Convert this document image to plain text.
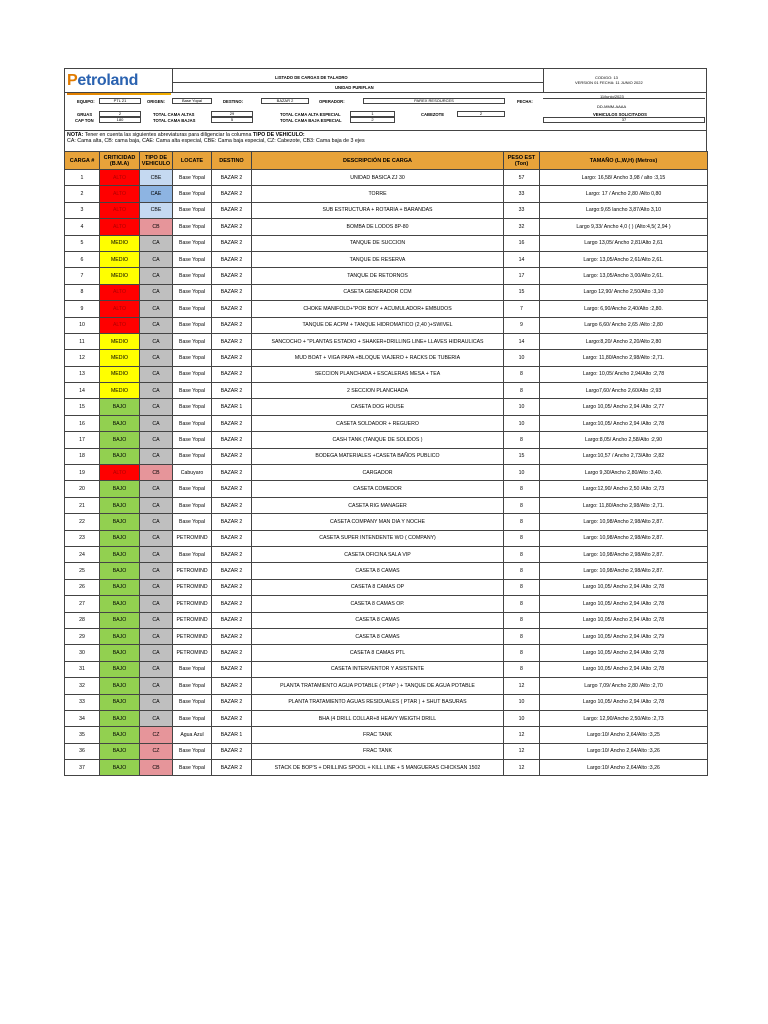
Petroland	LISTADO DE CARGAS DE TALADRO
UNIDAD PURIFLAN
CODIGO: 13
VERSION 01 FECHA: 11 JUNIO 2022
EQUIPO:	PTL 21	ORIGEN:	Base Yopal	DESTINO:	BAZAR 2	OPERADOR:	PAREX RESOURCES	FECHA:
11/junio/2023
DD-MMM-AAAA
GRUAS	2
CAP TON	180
TOTAL CAMA ALTAS	29
TOTAL CAMA BAJAS	5
TOTAL CAMA ALTA ESPECIAL	1
TOTAL CAMA BAJA ESPECIAL	2
CABEZOTE	2	VEHICULOS SOLICITADOS
37
NOTA: Tener en cuenta las siguientes abreviaturas para diligenciar la columna TIPO DE VEHICULO:
CA: Cama alta, CB: cama baja, CAE: Cama alta especial, CBE: Cama baja especial, CZ: Cabezote, CB3: Cama baja de 3 ejes
CARGA #	CRITICIDAD (B.M.A)	TIPO DE VEHICULO	LOCATE	DESTINO	DESCRIPCIÓN DE CARGA	PESO EST (Ton)	TAMAÑO (L,W,H) (Metros)
1	ALTO	CBE	Base Yopal	BAZAR 2	UNIDAD BASICA ZJ 30	57	Largo: 16,58/ Ancho 3,98 / alto :3,15
2	ALTO	CAE	Base Yopal	BAZAR 2	TORRE	33	Largo: 17 / Ancho 2,80 /Alto 0,80
3	ALTO	CBE	Base Yopal	BAZAR 2	SUB ESTRUCTURA + ROTARIA + BARANDAS	33	Largo:9,65 lancho 3,87/Alto 3,10
4	ALTO	CB	Base Yopal	BAZAR 2	BOMBA DE LODOS 8P-80	32	Largo 9,33/ Ancho 4,0 ( ) (Alto:4,5( 2,94 )
5	MEDIO	CA	Base Yopal	BAZAR 2	TANQUE DE SUCCION	16	Largo 13,05/ Ancho 2,81/Alto 2,61
6	MEDIO	CA	Base Yopal	BAZAR 2	TANQUE DE RESERVA	14	Largo: 13,05/Ancho 2,61/Alto 2,61.
7	MEDIO	CA	Base Yopal	BAZAR 2	TANQUE DE RETORNOS	17	Largo: 13,05/Ancho 3,00/Alto 2,61.
8	ALTO	CA	Base Yopal	BAZAR 2	CASETA GENERADOR CCM	15	Largo 12,90/ Ancho 2,50/Alto :3,10
9	ALTO	CA	Base Yopal	BAZAR 2	CHOKE MANIFOLD+"POR BOY + ACUMULADOR+ EMBUDOS	7	Largo: 6,90/Ancho 2,40/Alto :2,80.
10	ALTO	CA	Base Yopal	BAZAR 2	TANQUE DE ACPM + TANQUE HIDROMATICO (2,40 )+SWIVEL	9	Largo 6,60/ Ancho 2,65 /Alto :2,80
11	MEDIO	CA	Base Yopal	BAZAR 2	SANCOCHO + "PLANTAS ESTADIO + SHAKER+DRILLING LINE+ LLAVES HIDRAULICAS	14	Largo:8,20/ Ancho 2,20/Alto 2,80
12	MEDIO	CA	Base Yopal	BAZAR 2	MUD BOAT + VIGA PAPA +BLOQUE VIAJERO + RACKS DE TUBERIA	10	Largo: 11,80/Ancho 2,98/Alto :2,71.
13	MEDIO	CA	Base Yopal	BAZAR 2	SECCION PLANCHADA + ESCALERAS MESA + TEA	8	Largo: 10,05/ Ancho 2,94/Alto :2,78
14	MEDIO	CA	Base Yopal	BAZAR 2	2 SECCION PLANCHADA	8	Largo7,60/ Ancho 2,60/Alto :2,93
15	BAJO	CA	Base Yopal	BAZAR 1	CASETA DOG HOUSE	10	Largo 10,05/ Ancho 2,94 /Alto :2,77
16	BAJO	CA	Base Yopal	BAZAR 2	CASETA SOLDADOR + REGUERO	10	Largo:10,05/ Ancho 2,94 /Alto :2,78
17	BAJO	CA	Base Yopal	BAZAR 2	CASH TANK (TANQUE DE SOLIDOS )	8	Largo:8,05/ Ancho 2,58/Alto :2,90
18	BAJO	CA	Base Yopal	BAZAR 2	BODEGA MATERIALES +CASETA BAÑOS PUBLICO	15	Largo:10,57 / Ancho 2,73/Alto :2,82
19	ALTO	CB	Cabuyaro	BAZAR 2	CARGADOR	10	Largo 9,30/Ancho 2,80/Alto :3,40.
20	BAJO	CA	Base Yopal	BAZAR 2	CASETA COMEDOR	8	Largo:12,90/ Ancho 2,50 /Alto :2,73
21	BAJO	CA	Base Yopal	BAZAR 2	CASETA RIG MANAGER	8	Largo: 11,80/Ancho 2,98/Alto :2,71.
22	BAJO	CA	Base Yopal	BAZAR 2	CASETA COMPANY MAN DIA Y NOCHE	8	Largo: 10,98/Ancho 2,98/Alto 2,87.
23	BAJO	CA	PETROMIND	BAZAR 2	CASETA SUPER INTENDENTE WO ( COMPANY)	8	Largo: 10,98/Ancho 2,98/Alto 2,87.
24	BAJO	CA	Base Yopal	BAZAR 2	CASETA OFICINA SALA VIP	8	Largo: 10,98/Ancho 2,98/Alto 2,87.
25	BAJO	CA	PETROMIND	BAZAR 2	CASETA 8 CAMAS	8	Largo: 10,98/Ancho 2,98/Alto 2,87.
26	BAJO	CA	PETROMIND	BAZAR 2	CASETA 8 CAMAS OP	8	Largo 10,05/ Ancho 2,94 /Alto :2,78
27	BAJO	CA	PETROMIND	BAZAR 2	CASETA 8 CAMAS OP.	8	Largo 10,05/ Ancho 2,94 /Alto :2,78
28	BAJO	CA	PETROMIND	BAZAR 2	CASETA 8 CAMAS	8	Largo 10,05/ Ancho 2,94 /Alto :2,78
29	BAJO	CA	PETROMIND	BAZAR 2	CASETA 8 CAMAS	8	Largo 10,05/ Ancho 2,94 /Alto :2,79
30	BAJO	CA	PETROMIND	BAZAR 2	CASETA 8 CAMAS PTL	8	Largo 10,05/ Ancho 2,94 /Alto :2,78
31	BAJO	CA	Base Yopal	BAZAR 2	CASETA INTERVENTOR Y ASISTENTE	8	Largo 10,05/ Ancho 2,94 /Alto :2,78
32	BAJO	CA	Base Yopal	BAZAR 2	PLANTA TRATAMIENTO AGUA POTABLE ( PTAP ) + TANQUE DE AGUA POTABLE	12	Largo 7,09/ Ancho 2,80 /Alto :2,70
33	BAJO	CA	Base Yopal	BAZAR 2	PLANTA TRATAMIENTO AGUAS RESIDUALES ( PTAR ) + SHUT BASURAS	10	Largo 10,05/ Ancho 2,94 /Alto :2,78
34	BAJO	CA	Base Yopal	BAZAR 2	BHA (4 DRILL COLLAR+8 HEAVY WEIGTH DRILL	10	Largo: 12,90/Ancho 2,50/Alto :2,73
35	BAJO	CZ	Agua Azul	BAZAR 1	FRAC TANK	12	Largo:10/ Ancho 2,64/Alto :3,25
36	BAJO	CZ	Base Yopal	BAZAR 2	FRAC TANK	12	Largo:10/ Ancho 2,64/Alto :3,26
37	BAJO	CB	Base Yopal	BAZAR 2	STACK DE BOP'S + DRILLING SPOOL + KILL LINE + 5 MANGUERAS CHICKSAN 1502	12	Largo:10/ Ancho 2,64/Alto :3,26
